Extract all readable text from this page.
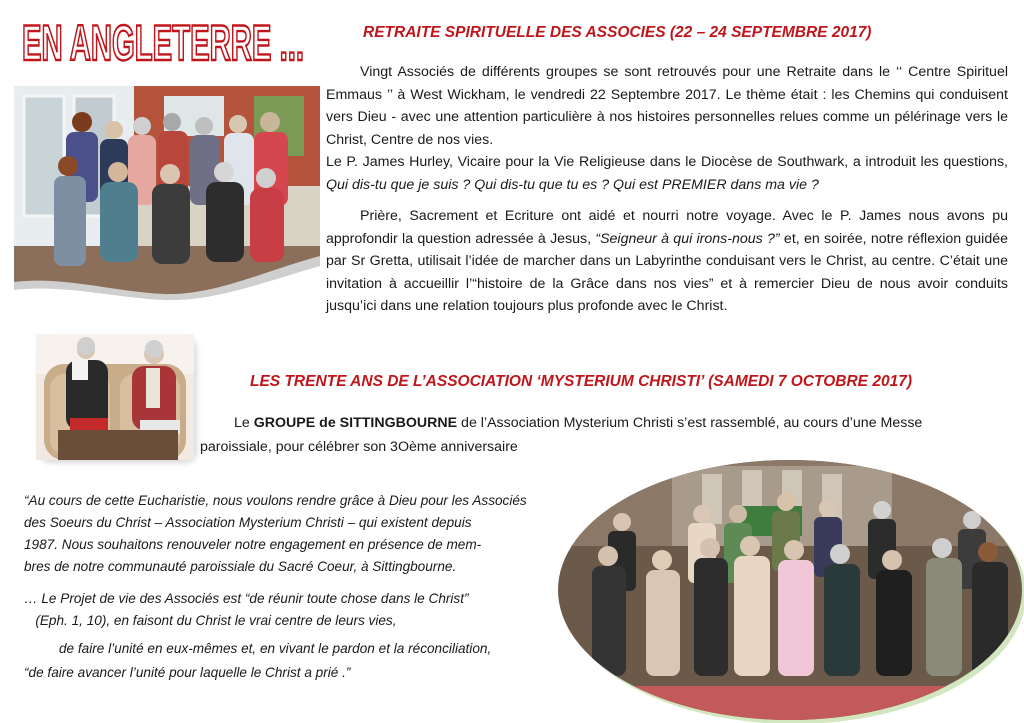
EN ANGLETERRE ...	RETRAITE SPIRITUELLE DES ASSOCIES (22 – 24 SEPTEMBRE 2017)

Vingt Associés de différents groupes se sont retrouvés pour une Retraite dans le ‘‘ Centre Spirituel Emmaus ’’ à West Wickham, le vendredi 22 Septembre 2017. Le thème était : les Chemins qui conduisent vers Dieu - avec une attention particulière à nos histoires personnelles relues comme un pélérinage vers le Christ, Centre de nos vies.

Le P. James Hurley, Vicaire pour la Vie Religieuse dans le Diocèse de Southwark, a introduit les questions, Qui dis-tu que je suis ? Qui dis-tu que tu es ? Qui est PREMIER dans ma vie ?

Prière, Sacrement et Ecriture ont aidé et nourri notre voyage. Avec le P. James nous avons pu approfondir la question adressée à Jesus, “Seigneur à qui irons-nous ?” et, en soirée, notre réflexion guidée par Sr Gretta, utilisait l’idée de marcher dans un Labyrinthe conduisant vers le Christ, au centre. C’était une invitation à accueillir l’“histoire de la Grâce dans nos vies” et à remercier Dieu de nous avoir conduits jusqu’ici dans une relation toujours plus profonde avec le Christ.

LES TRENTE ANS DE L’ASSOCIATION ‘MYSTERIUM CHRISTI’ (SAMEDI 7 OCTOBRE 2017)
Le GROUPE de SITTINGBOURNE de l’Association Mysterium Christi s’est rassemblé, au cours d’une Messe
paroissiale, pour célébrer son 3Oème anniversaire

“Au cours de cette Eucharistie, nous voulons rendre grâce à Dieu pour les Associés

des Soeurs du Christ – Association Mysterium Christi – qui existent depuis

1987. Nous souhaitons renouveler notre engagement en présence de mem-

bres de notre communauté paroissiale du Sacré Coeur, à Sittingbourne.

… Le Projet de vie des Associés est “de réunir toute chose dans le Christ”

(Eph. 1, 10), en faisont du Christ le vrai centre de leurs vies,

de faire l’unité en eux-mêmes et, en vivant le pardon et la réconciliation,

“de faire avancer l’unité pour laquelle le Christ a prié .”
